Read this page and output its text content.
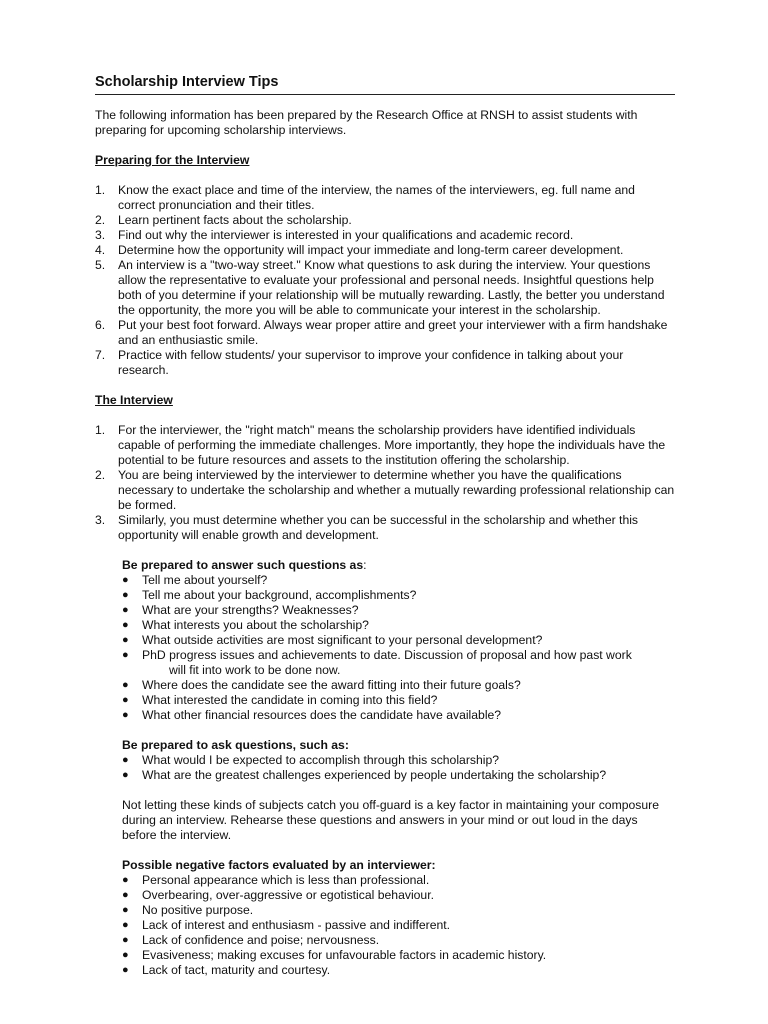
Scholarship Interview Tips

The following information has been prepared by the Research Office at RNSH to assist students with preparing for upcoming scholarship interviews.

Preparing for the Interview

1. Know the exact place and time of the interview, the names of the interviewers, eg. full name and correct pronunciation and their titles.
2. Learn pertinent facts about the scholarship.
3. Find out why the interviewer is interested in your qualifications and academic record.
4. Determine how the opportunity will impact your immediate and long-term career development.
5. An interview is a "two-way street." Know what questions to ask during the interview. Your questions allow the representative to evaluate your professional and personal needs. Insightful questions help both of you determine if your relationship will be mutually rewarding. Lastly, the better you understand the opportunity, the more you will be able to communicate your interest in the scholarship.
6. Put your best foot forward. Always wear proper attire and greet your interviewer with a firm handshake and an enthusiastic smile.
7. Practice with fellow students/ your supervisor to improve your confidence in talking about your research.

The Interview

1. For the interviewer, the "right match" means the scholarship providers have identified individuals capable of performing the immediate challenges. More importantly, they hope the individuals have the potential to be future resources and assets to the institution offering the scholarship.
2. You are being interviewed by the interviewer to determine whether you have the qualifications necessary to undertake the scholarship and whether a mutually rewarding professional relationship can be formed.
3. Similarly, you must determine whether you can be successful in the scholarship and whether this opportunity will enable growth and development.

Be prepared to answer such questions as:

● Tell me about yourself?
● Tell me about your background, accomplishments?
● What are your strengths? Weaknesses?
● What interests you about the scholarship?
● What outside activities are most significant to your personal development?
● PhD progress issues and achievements to date. Discussion of proposal and how past work
will fit into work to be done now.
● Where does the candidate see the award fitting into their future goals?
● What interested the candidate in coming into this field?
● What other financial resources does the candidate have available?

Be prepared to ask questions, such as:

● What would I be expected to accomplish through this scholarship?
● What are the greatest challenges experienced by people undertaking the scholarship?

Not letting these kinds of subjects catch you off-guard is a key factor in maintaining your composure during an interview. Rehearse these questions and answers in your mind or out loud in the days before the interview.

Possible negative factors evaluated by an interviewer:

● Personal appearance which is less than professional.
● Overbearing, over-aggressive or egotistical behaviour.
● No positive purpose.
● Lack of interest and enthusiasm - passive and indifferent.
● Lack of confidence and poise; nervousness.
● Evasiveness; making excuses for unfavourable factors in academic history.
● Lack of tact, maturity and courtesy.
